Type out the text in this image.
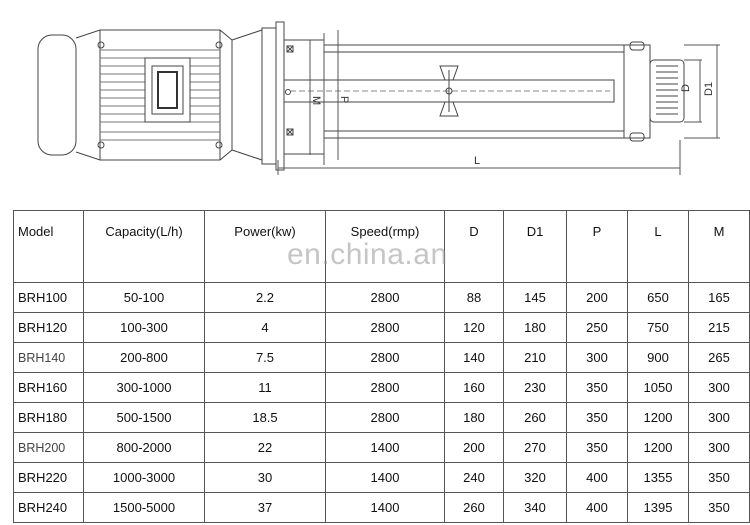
M P
D D1
L
Model	Capacity(L/h)	Power(kw)	Speed(rmp)	D	D1	P	L	M
BRH100	50-100	2.2	2800	88	145	200	650	165
BRH120	100-300	4	2800	120	180	250	750	215
BRH140	200-800	7.5	2800	140	210	300	900	265
BRH160	300-1000	11	2800	160	230	350	1050	300
BRH180	500-1500	18.5	2800	180	260	350	1200	300
BRH200	800-2000	22	1400	200	270	350	1200	300
BRH220	1000-3000	30	1400	240	320	400	1355	350
BRH240	1500-5000	37	1400	260	340	400	1395	350
en.china.an
